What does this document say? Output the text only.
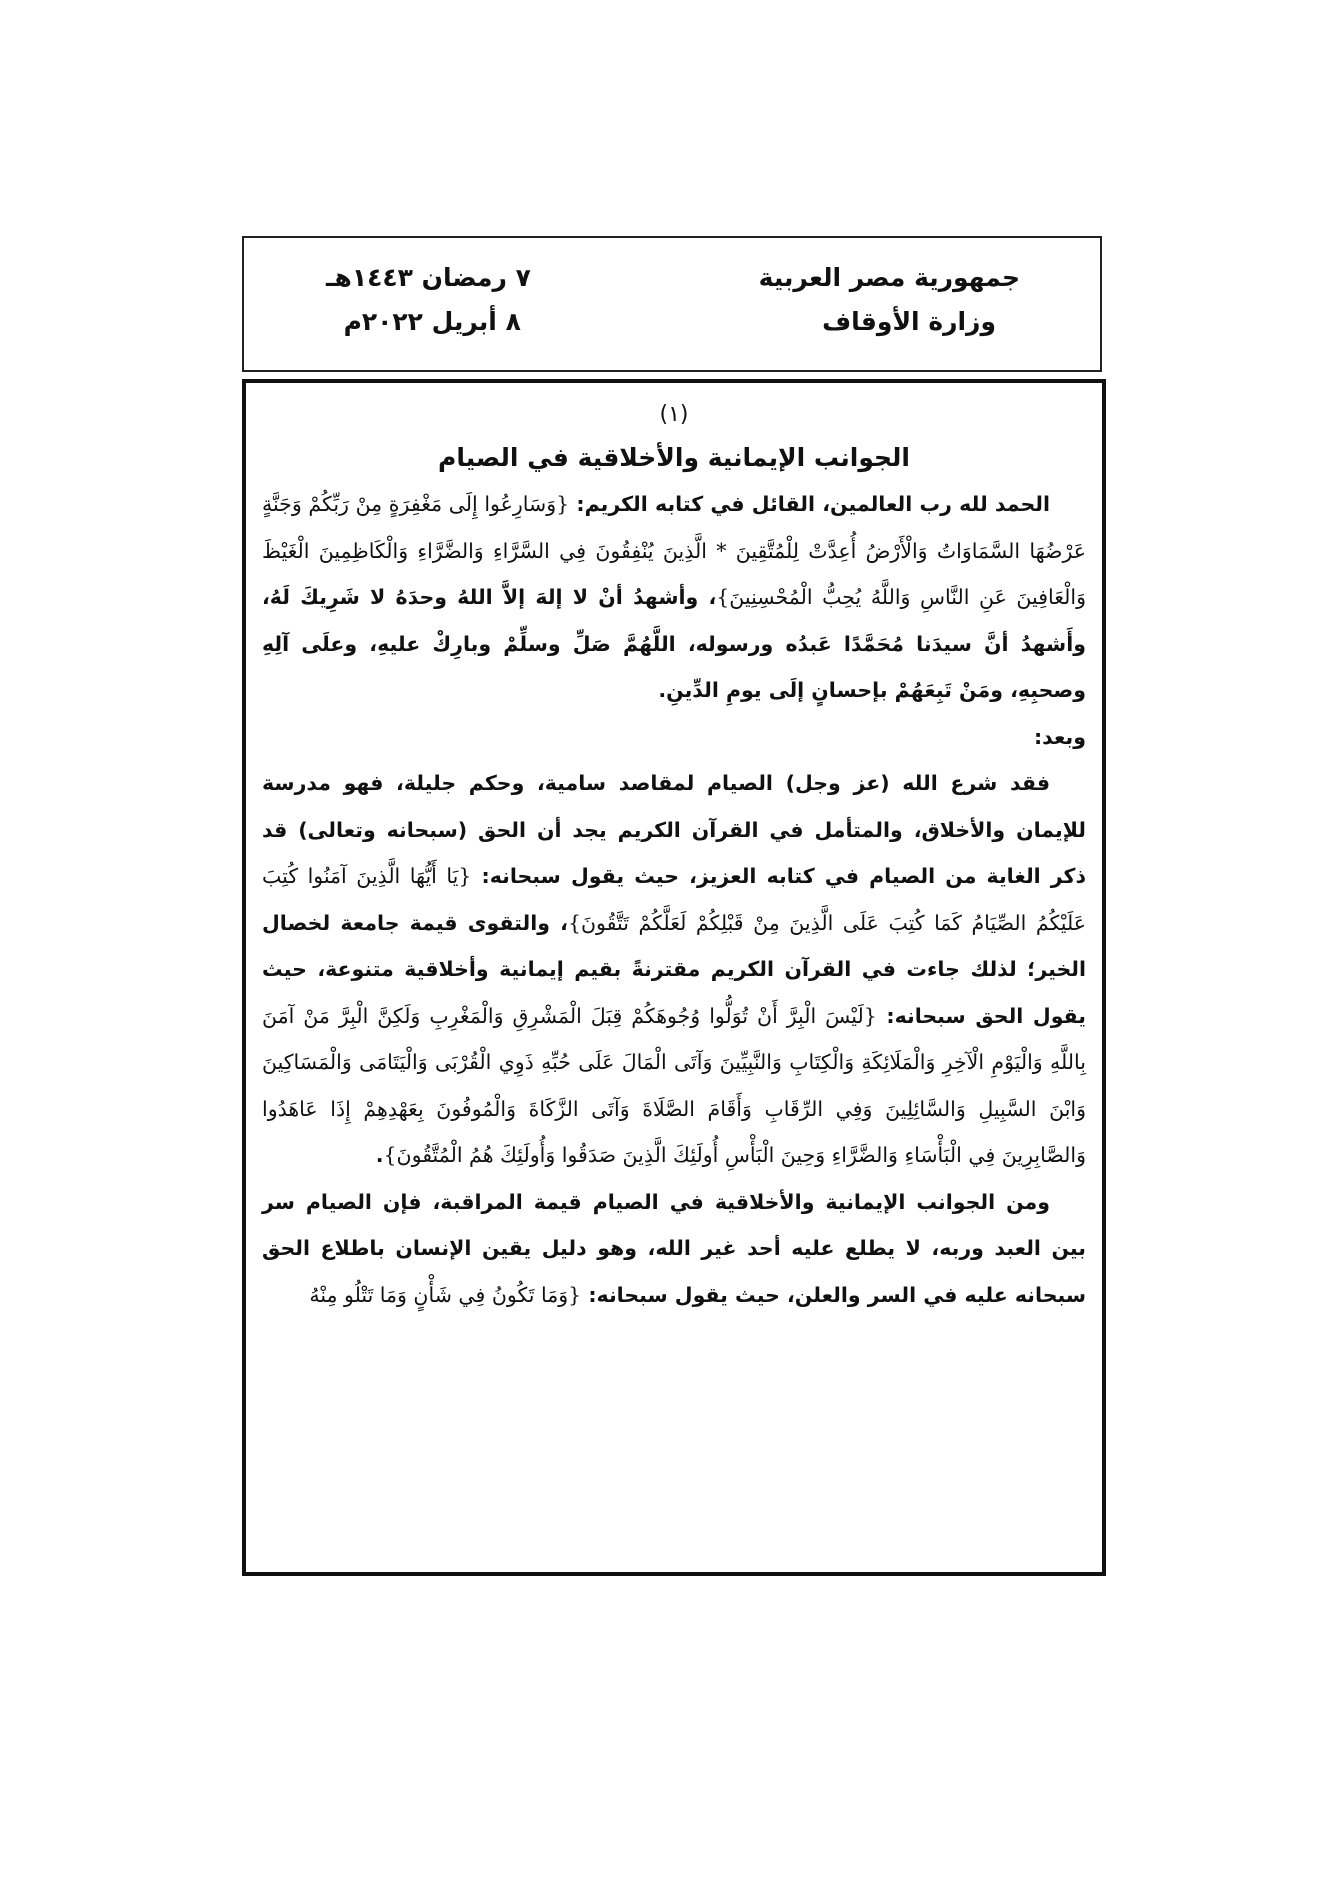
جمهورية مصر العربية
وزارة الأوقاف
٧ رمضان ١٤٤٣هـ
٨ أبريل ٢٠٢٢م

(١)

الجوانب الإيمانية والأخلاقية في الصيام

الحمد لله رب العالمين، القائل في كتابه الكريم: {وَسَارِعُوا إِلَى مَغْفِرَةٍ مِنْ رَبِّكُمْ وَجَنَّةٍ عَرْضُهَا السَّمَاوَاتُ وَالْأَرْضُ أُعِدَّتْ لِلْمُتَّقِينَ * الَّذِينَ يُنْفِقُونَ فِي السَّرَّاءِ وَالضَّرَّاءِ وَالْكَاظِمِينَ الْغَيْظَ وَالْعَافِينَ عَنِ النَّاسِ وَاللَّهُ يُحِبُّ الْمُحْسِنِينَ}، وأشهدُ أنْ لا إلهَ إلاَّ اللهُ وحدَهُ لا شَرِيكَ لَهُ، وأَشهدُ أنَّ سيدَنا مُحَمَّدًا عَبدُه ورسوله، اللَّهُمَّ صَلِّ وسلِّمْ وبارِكْ عليهِ، وعلَى آلِهِ وصحبِهِ، ومَنْ تَبِعَهُمْ بإحسانٍ إلَى يومِ الدِّينِ.

وبعد:

فقد شرع الله (عز وجل) الصيام لمقاصد سامية، وحكم جليلة، فهو مدرسة للإيمان والأخلاق، والمتأمل في القرآن الكريم يجد أن الحق (سبحانه وتعالى) قد ذكر الغاية من الصيام في كتابه العزيز، حيث يقول سبحانه: {يَا أَيُّهَا الَّذِينَ آمَنُوا كُتِبَ عَلَيْكُمُ الصِّيَامُ كَمَا كُتِبَ عَلَى الَّذِينَ مِنْ قَبْلِكُمْ لَعَلَّكُمْ تَتَّقُونَ}، والتقوى قيمة جامعة لخصال الخير؛ لذلك جاءت في القرآن الكريم مقترنةً بقيم إيمانية وأخلاقية متنوعة، حيث يقول الحق سبحانه: {لَيْسَ الْبِرَّ أَنْ تُوَلُّوا وُجُوهَكُمْ قِبَلَ الْمَشْرِقِ وَالْمَغْرِبِ وَلَكِنَّ الْبِرَّ مَنْ آمَنَ بِاللَّهِ وَالْيَوْمِ الْآخِرِ وَالْمَلَائِكَةِ وَالْكِتَابِ وَالنَّبِيِّينَ وَآتَى الْمَالَ عَلَى حُبِّهِ ذَوِي الْقُرْبَى وَالْيَتَامَى وَالْمَسَاكِينَ وَابْنَ السَّبِيلِ وَالسَّائِلِينَ وَفِي الرِّقَابِ وَأَقَامَ الصَّلَاةَ وَآتَى الزَّكَاةَ وَالْمُوفُونَ بِعَهْدِهِمْ إِذَا عَاهَدُوا وَالصَّابِرِينَ فِي الْبَأْسَاءِ وَالضَّرَّاءِ وَحِينَ الْبَأْسِ أُولَئِكَ الَّذِينَ صَدَقُوا وَأُولَئِكَ هُمُ الْمُتَّقُونَ}.

ومن الجوانب الإيمانية والأخلاقية في الصيام قيمة المراقبة، فإن الصيام سر بين العبد وربه، لا يطلع عليه أحد غير الله، وهو دليل يقين الإنسان باطلاع الحق سبحانه عليه في السر والعلن، حيث يقول سبحانه: {وَمَا تَكُونُ فِي شَأْنٍ وَمَا تَتْلُو مِنْهُ
